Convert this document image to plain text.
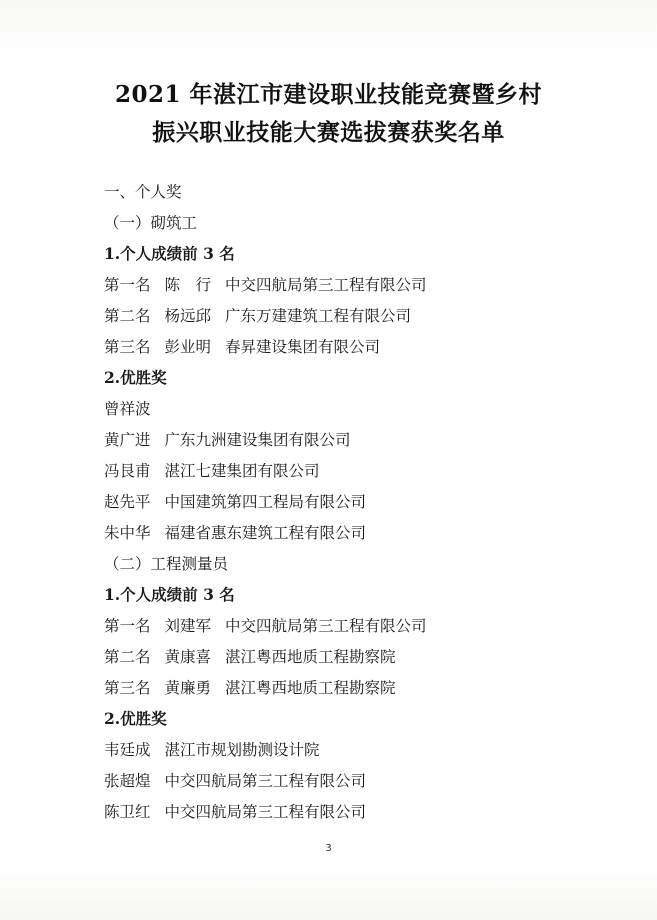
2021 年湛江市建设职业技能竞赛暨乡村
振兴职业技能大赛选拔赛获奖名单
一、个人奖
（一）砌筑工
1.个人成绩前 3 名
第一名 陈　行 中交四航局第三工程有限公司
第二名 杨远邱 广东万建建筑工程有限公司
第三名 彭业明 春昇建设集团有限公司
2.优胜奖
曾祥波
黄广进 广东九洲建设集团有限公司
冯艮甫 湛江七建集团有限公司
赵先平 中国建筑第四工程局有限公司
朱中华 福建省惠东建筑工程有限公司
（二）工程测量员
1.个人成绩前 3 名
第一名 刘建军 中交四航局第三工程有限公司
第二名 黄康喜 湛江粤西地质工程勘察院
第三名 黄廉勇 湛江粤西地质工程勘察院
2.优胜奖
韦廷成 湛江市规划勘测设计院
张超煌 中交四航局第三工程有限公司
陈卫红 中交四航局第三工程有限公司
3
